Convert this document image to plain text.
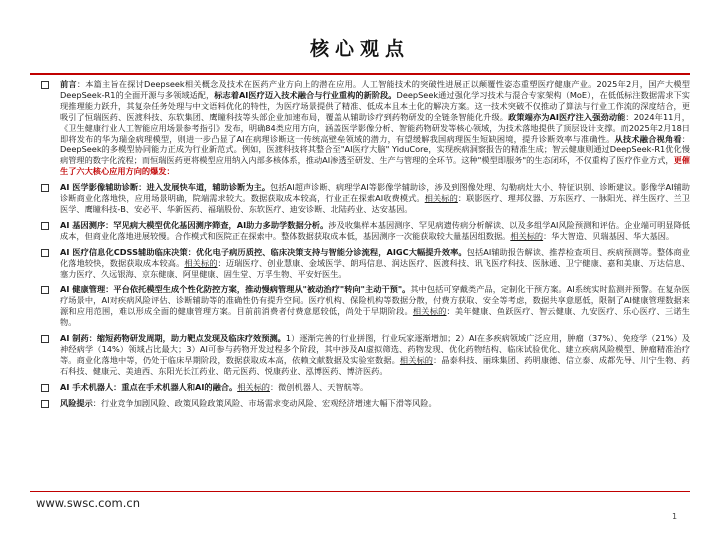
核心观点
前言：本篇主旨在探讨Deepseek相关概念及技术在医药产业方向上的潜在应用。人工智能技术的突破性进展正以颠覆性姿态重塑医疗健康产业。2025年2月，国产大模型DeepSeek-R1的全面开源与多领域适配，标志着AI医疗迈入技术融合与行业重构的新阶段。DeepSeek通过强化学习技术与混合专家架构（MoE），在低低标注数据需求下实现推理能力跃升，其复杂任务处理与中文语料优化的特性，为医疗场景提供了精准、低成本且本土化的解决方案。这一技术突破不仅推动了算法与行业工作流的深度结合，更吸引了恒瑞医药、医渡科技、东软集团、鹰瞳科技等头部企业加速布局，覆盖从辅助诊疗到药物研发的全链条智能化升级。政策端亦为AI医疗注入强劲动能：2024年11月，《卫生健康行业人工智能应用场景参考指引》发布，明确84类应用方向，涵盖医学影像分析、智能药物研发等核心领域，为技术落地提供了顶层设计支撑。而2025年2月18日即将发布的华为瑞金病理模型，则进一步凸显了AI在病理诊断这一传统高壁垒领域的潜力，有望缓解我国病理医生短缺困境，提升诊断效率与准确性。从技术融合视角看：DeepSeek的多模型协同能力正成为行业新范式。例如，医渡科技将其整合至"AI医疗大脑" YiduCore，实现疾病洞察报告的精准生成；智云健康则通过DeepSeek-R1优化慢病管理的数字化流程；而恒瑞医药更将模型应用纳入内部多核体系，推动AI渗透至研发、生产与管理的全环节。这种"模型即服务"的生态闭环，不仅重构了医疗作业方式，更催生了六大核心应用方向的爆发：
AI 医学影像辅助诊断：进入发展快车道，辅助诊断为主。包括AI超声诊断、病理学AI等影像学辅助诊，涉及到图像处理、勾勒病灶大小、特征识别、诊断建议。影像学AI辅助诊断商业化落地快，应用场景明确，院端需求较大。数据获取成本较高，行业正在探索AI收费模式。相关标的：联影医疗、理邦仪器、万东医疗、一脉阳光、祥生医疗、兰卫医学、鹰瞳科技-B、安必平、华新医药、福瑞股份、东软医疗、迪安诊断、北陆药业、达安基因。
AI 基因测序：罕见病大模型优化基因测序筛查，AI助力多助学数据分析。涉及收集样本基因测序、罕见病遗传病分析解读、以及多组学AI风险预测和评估。企业端可明显降低成本，但商业化落地进展较慢。合作模式和医院正在探索中。整体数据获取成本低，基因测序一次能获取较大量基因组数据。相关标的：华大智造、贝瑞基因、华大基因。
AI 医疗信息化CDSS辅助临床决策：优化电子病历质控、临床决策支持与智能分诊流程，AIGC大幅提升效率。包括AI辅助报告解读、推荐检查项目、疾病预测等。整体商业化落地较快，数据获取成本较高。相关标的：迈瑞医疗、创业慧康、金域医学、朗玛信息、润达医疗、医渡科技、讯飞医疗科技、医脉通、卫宁健康、嘉和美康、万达信息、塞力医疗、久远银海、京东健康、阿里健康、固生堂、万孚生物、平安好医生。
AI 健康管理：平台依托模型生成个性化防控方案，推动慢病管理从"被动治疗"转向"主动干预"。其中包括可穿戴类产品，定制化干预方案。AI系统实时监测并预警。在复杂医疗场景中，AI对疾病风险评估、诊断辅助等的准确性仍有提升空间。医疗机构、保险机构等数据分散，付费方获取、安全等考虑，数据共享意愿低，限制了AI健康管理数据来源和应用范围，难以形成全面的健康管理方案。目前前消费者付费意愿较低，尚处于早期阶段。相关标的：美年健康、鱼跃医疗、智云健康、九安医疗、乐心医疗、三诺生物。
AI 制药：缩短药物研发周期，助力靶点发现及临床疗效预测。1）逐渐完善的行业拼图，行业玩家逐渐增加；2）AI在多疾病领域广泛应用，肿瘤（37%）、免疫学（21%）及神经病学（14%）领域占比最大；3）AI可参与药物开发过程多个阶段，其中涉及AI虚拟筛选、药物发现、优化药物结构、临床试验优化、建立疾病风险模型、肿瘤精准治疗等。商业化落地中等，仍处于临床早期阶段，数据获取成本高，依赖文献数据及实验室数据。相关标的：晶泰科技、丽珠集团、药明康德、信立泰、成都先导、川宁生物、药石科技、健康元、美迪西、东阳光长江药业、皓元医药、悦康药业、泓博医药、博济医药。
AI 手术机器人：重点在手术机器人和AI的融合。相关标的：微创机器人、天智航等。
风险提示：行业竞争加剧风险、政策风险政策风险、市场需求变动风险、宏观经济增速大幅下滑等风险。
www.swsc.com.cn
1
